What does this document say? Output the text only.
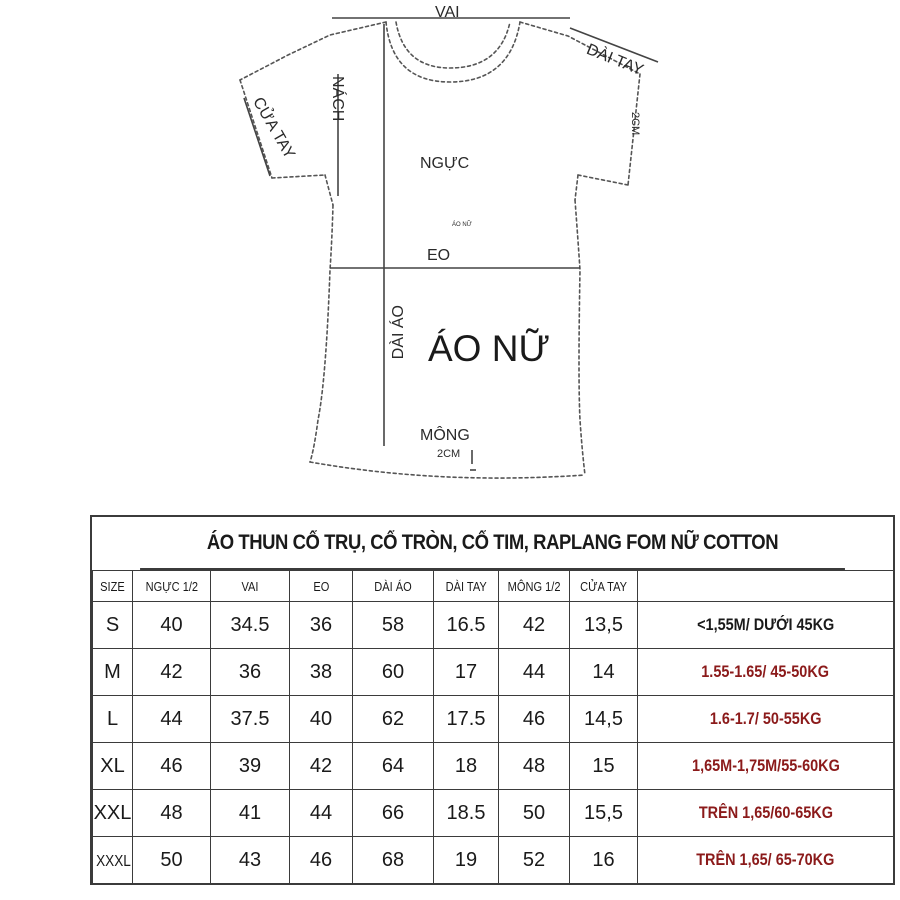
VAI
DÀI TAY
NÁCH
CỬA TAY	2CM
NGỰC
ÁO NỮ
EO
DÀI ÁO ÁO NỮ
MÔNG
2CM
ÁO THUN CỔ TRỤ, CỔ TRÒN, CỔ TIM, RAPLANG FOM NỮ COTTON
SIZE	NGỰC 1/2	VAI	EO	DÀI ÁO	DÀI TAY	MÔNG 1/2	CỬA TAY	
S	40	34.5	36	58	16.5	42	13,5	<1,55M/ DƯỚI 45KG
M	42	36	38	60	17	44	14	1.55-1.65/ 45-50KG
L	44	37.5	40	62	17.5	46	14,5	1.6-1.7/ 50-55KG
XL	46	39	42	64	18	48	15	1,65M-1,75M/55-60KG
XXL	48	41	44	66	18.5	50	15,5	TRÊN 1,65/60-65KG
XXXL	50	43	46	68	19	52	16	TRÊN 1,65/ 65-70KG
